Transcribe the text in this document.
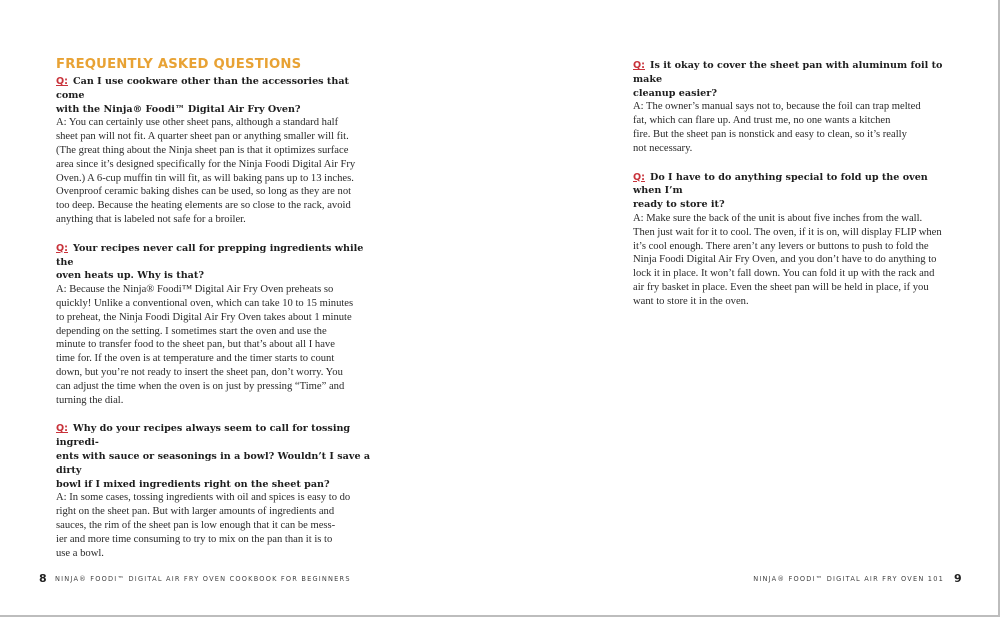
FREQUENTLY ASKED QUESTIONS
Q: Can I use cookware other than the accessories that come
with the Ninja® Foodi™ Digital Air Fry Oven?
A: You can certainly use other sheet pans, although a standard half
sheet pan will not fit. A quarter sheet pan or anything smaller will fit.
(The great thing about the Ninja sheet pan is that it optimizes surface
area since it’s designed specifically for the Ninja Foodi Digital Air Fry
Oven.) A 6-cup muffin tin will fit, as will baking pans up to 13 inches.
Ovenproof ceramic baking dishes can be used, so long as they are not
too deep. Because the heating elements are so close to the rack, avoid
anything that is labeled not safe for a broiler.
Q: Your recipes never call for prepping ingredients while the
oven heats up. Why is that?
A: Because the Ninja® Foodi™ Digital Air Fry Oven preheats so
quickly! Unlike a conventional oven, which can take 10 to 15 minutes
to preheat, the Ninja Foodi Digital Air Fry Oven takes about 1 minute
depending on the setting. I sometimes start the oven and use the
minute to transfer food to the sheet pan, but that’s about all I have
time for. If the oven is at temperature and the timer starts to count
down, but you’re not ready to insert the sheet pan, don’t worry. You
can adjust the time when the oven is on just by pressing “Time” and
turning the dial.
Q: Why do your recipes always seem to call for tossing ingredi-
ents with sauce or seasonings in a bowl? Wouldn’t I save a dirty
bowl if I mixed ingredients right on the sheet pan?
A: In some cases, tossing ingredients with oil and spices is easy to do
right on the sheet pan. But with larger amounts of ingredients and
sauces, the rim of the sheet pan is low enough that it can be mess-
ier and more time consuming to try to mix on the pan than it is to
use a bowl.
Q: Is it okay to cover the sheet pan with aluminum foil to make
cleanup easier?
A: The owner’s manual says not to, because the foil can trap melted
fat, which can flare up. And trust me, no one wants a kitchen
fire. But the sheet pan is nonstick and easy to clean, so it’s really
not necessary.
Q: Do I have to do anything special to fold up the oven when I’m
ready to store it?
A: Make sure the back of the unit is about five inches from the wall.
Then just wait for it to cool. The oven, if it is on, will display FLIP when
it’s cool enough. There aren’t any levers or buttons to push to fold the
Ninja Foodi Digital Air Fry Oven, and you don’t have to do anything to
lock it in place. It won’t fall down. You can fold it up with the rack and
air fry basket in place. Even the sheet pan will be held in place, if you
want to store it in the oven.
8 NINJA® FOODI™ DIGITAL AIR FRY OVEN COOKBOOK FOR BEGINNERS	NINJA® FOODI™ DIGITAL AIR FRY OVEN 101 9
